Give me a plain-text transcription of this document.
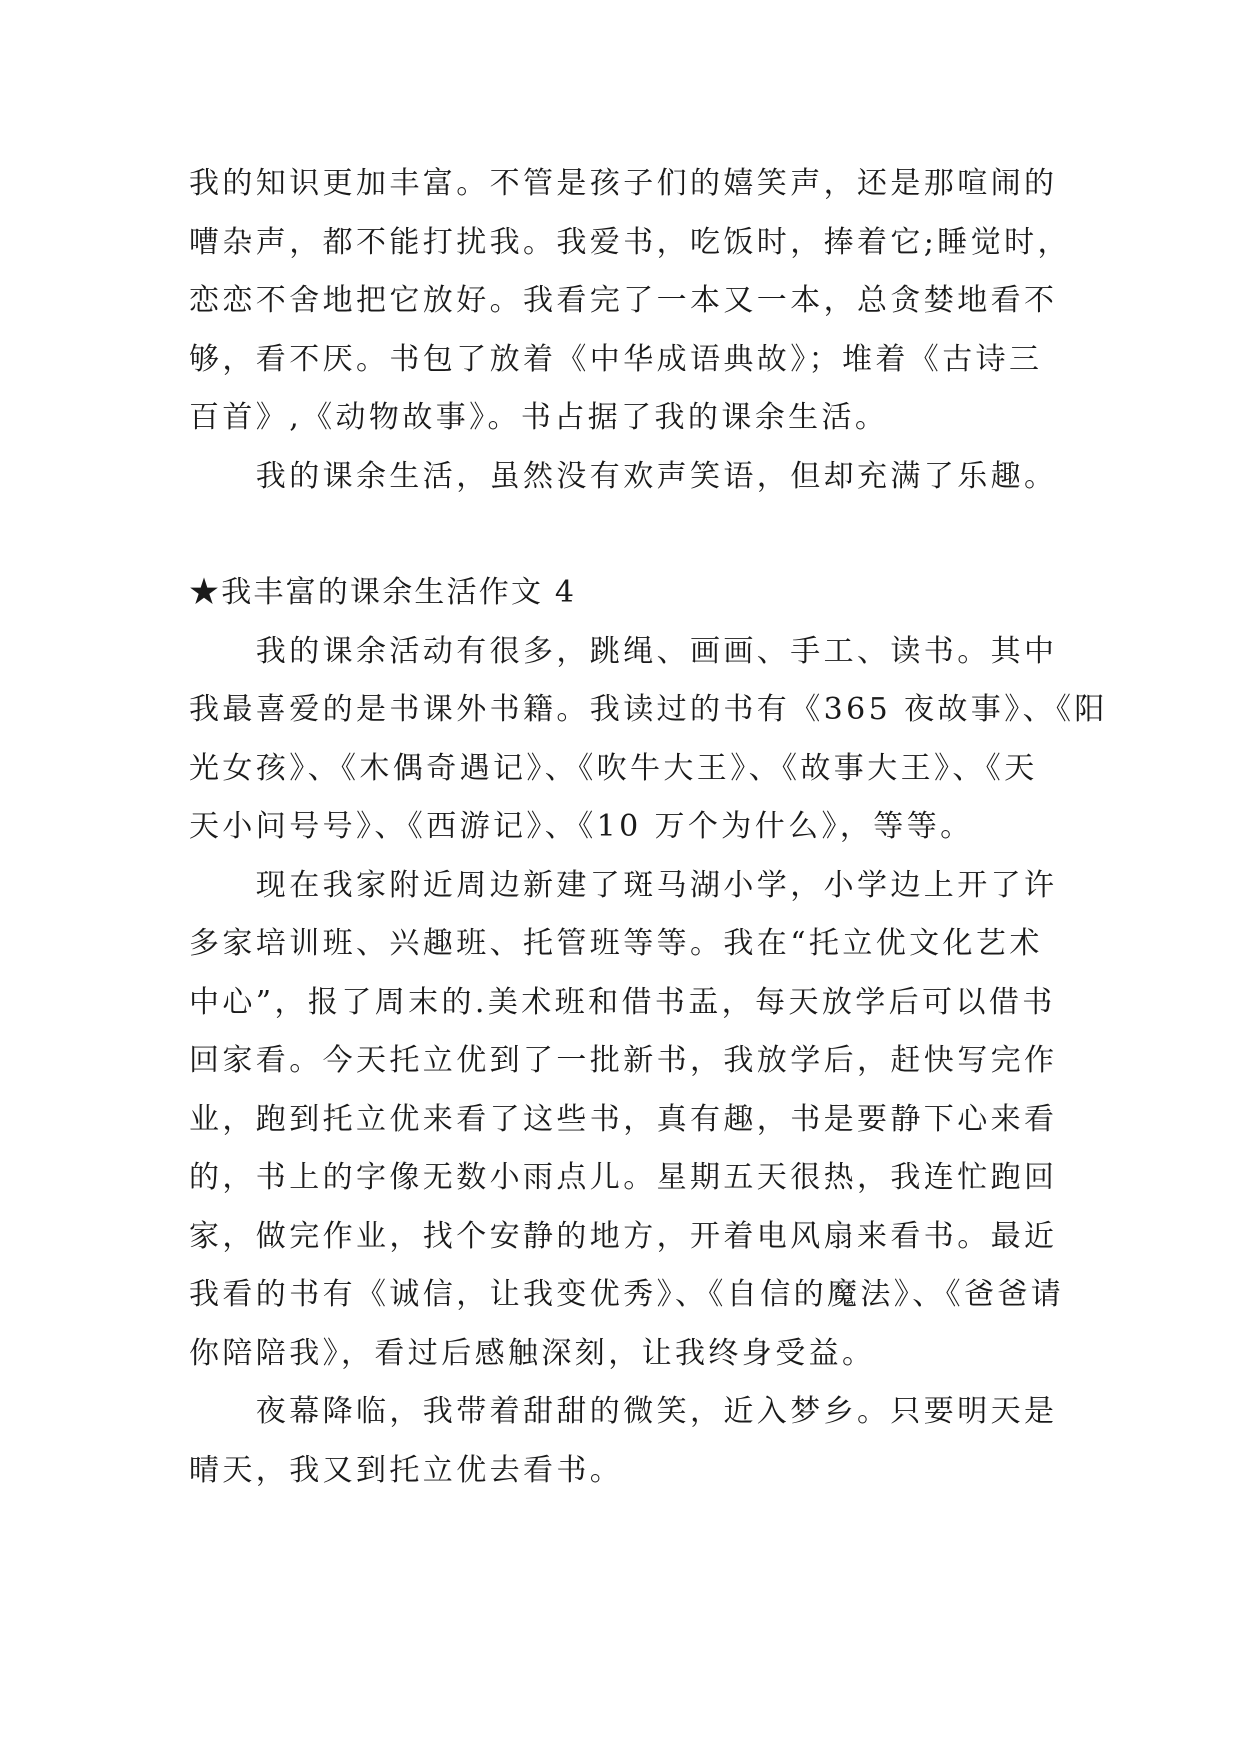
我的知识更加丰富。不管是孩子们的嬉笑声，还是那喧闹的
嘈杂声，都不能打扰我。我爱书，吃饭时，捧着它;睡觉时，
恋恋不舍地把它放好。我看完了一本又一本，总贪婪地看不
够，看不厌。书包了放着《中华成语典故》；堆着《古诗三
百首》,《动物故事》。书占据了我的课余生活。
　　我的课余生活，虽然没有欢声笑语，但却充满了乐趣。
★我丰富的课余生活作文 4
　　我的课余活动有很多，跳绳、画画、手工、读书。其中
我最喜爱的是书课外书籍。我读过的书有《365 夜故事》、《阳
光女孩》、《木偶奇遇记》、《吹牛大王》、《故事大王》、《天
天小问号号》、《西游记》、《10 万个为什么》，等等。
　　现在我家附近周边新建了斑马湖小学，小学边上开了许
多家培训班、兴趣班、托管班等等。我在“托立优文化艺术
中心”，报了周末的.美术班和借书盂，每天放学后可以借书
回家看。今天托立优到了一批新书，我放学后，赶快写完作
业，跑到托立优来看了这些书，真有趣，书是要静下心来看
的，书上的字像无数小雨点儿。星期五天很热，我连忙跑回
家，做完作业，找个安静的地方，开着电风扇来看书。最近
我看的书有《诚信，让我变优秀》、《自信的魔法》、《爸爸请
你陪陪我》，看过后感触深刻，让我终身受益。
　　夜幕降临，我带着甜甜的微笑，近入梦乡。只要明天是
晴天，我又到托立优去看书。
